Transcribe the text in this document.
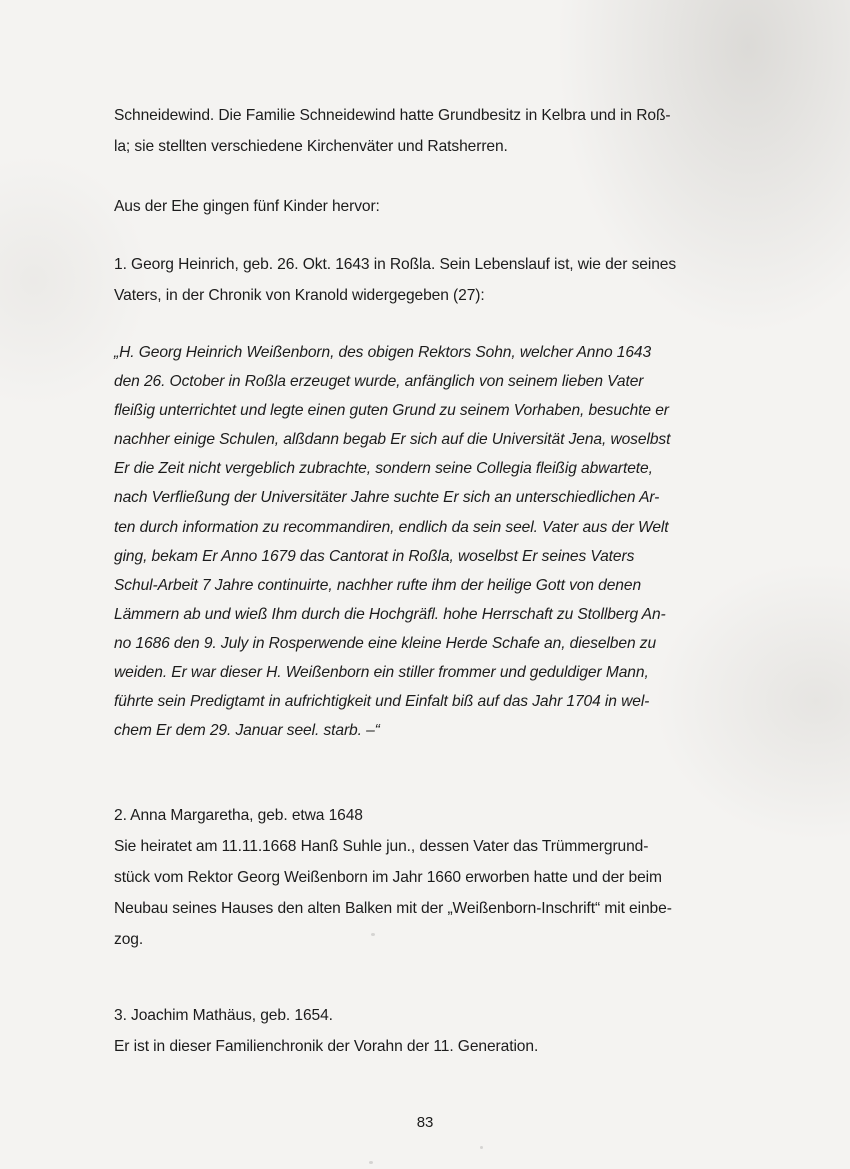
Schneidewind. Die Familie Schneidewind hatte Grundbesitz in Kelbra und in Roß-
la; sie stellten verschiedene Kirchenväter und Ratsherren.
Aus der Ehe gingen fünf Kinder hervor:
1. Georg Heinrich, geb. 26. Okt. 1643 in Roßla. Sein Lebenslauf ist, wie der seines
Vaters, in der Chronik von Kranold widergegeben (27):
„H. Georg Heinrich Weißenborn, des obigen Rektors Sohn, welcher Anno 1643
den 26. October in Roßla erzeuget wurde, anfänglich von seinem lieben Vater
fleißig unterrichtet und legte einen guten Grund zu seinem Vorhaben, besuchte er
nachher einige Schulen, alßdann begab Er sich auf die Universität Jena, woselbst
Er die Zeit nicht vergeblich zubrachte, sondern seine Collegia fleißig abwartete,
nach Verfließung der Universitäter Jahre suchte Er sich an unterschiedlichen Ar-
ten durch information zu recommandiren, endlich da sein seel. Vater aus der Welt
ging, bekam Er Anno 1679 das Cantorat in Roßla, woselbst Er seines Vaters
Schul-Arbeit 7 Jahre continuirte, nachher rufte ihm der heilige Gott von denen
Lämmern ab und wieß Ihm durch die Hochgräfl. hohe Herrschaft zu Stollberg An-
no 1686 den 9. July in Rosperwende eine kleine Herde Schafe an, dieselben zu
weiden. Er war dieser H. Weißenborn ein stiller frommer und geduldiger Mann,
führte sein Predigtamt in aufrichtigkeit und Einfalt biß auf das Jahr 1704 in wel-
chem Er dem 29. Januar seel. starb. –“
2. Anna Margaretha, geb. etwa 1648
Sie heiratet am 11.11.1668 Hanß Suhle jun., dessen Vater das Trümmergrund-
stück vom Rektor Georg Weißenborn im Jahr 1660 erworben hatte und der beim
Neubau seines Hauses den alten Balken mit der „Weißenborn-Inschrift“ mit einbe-
zog.
3. Joachim Mathäus, geb. 1654.
Er ist in dieser Familienchronik der Vorahn der 11. Generation.
83
